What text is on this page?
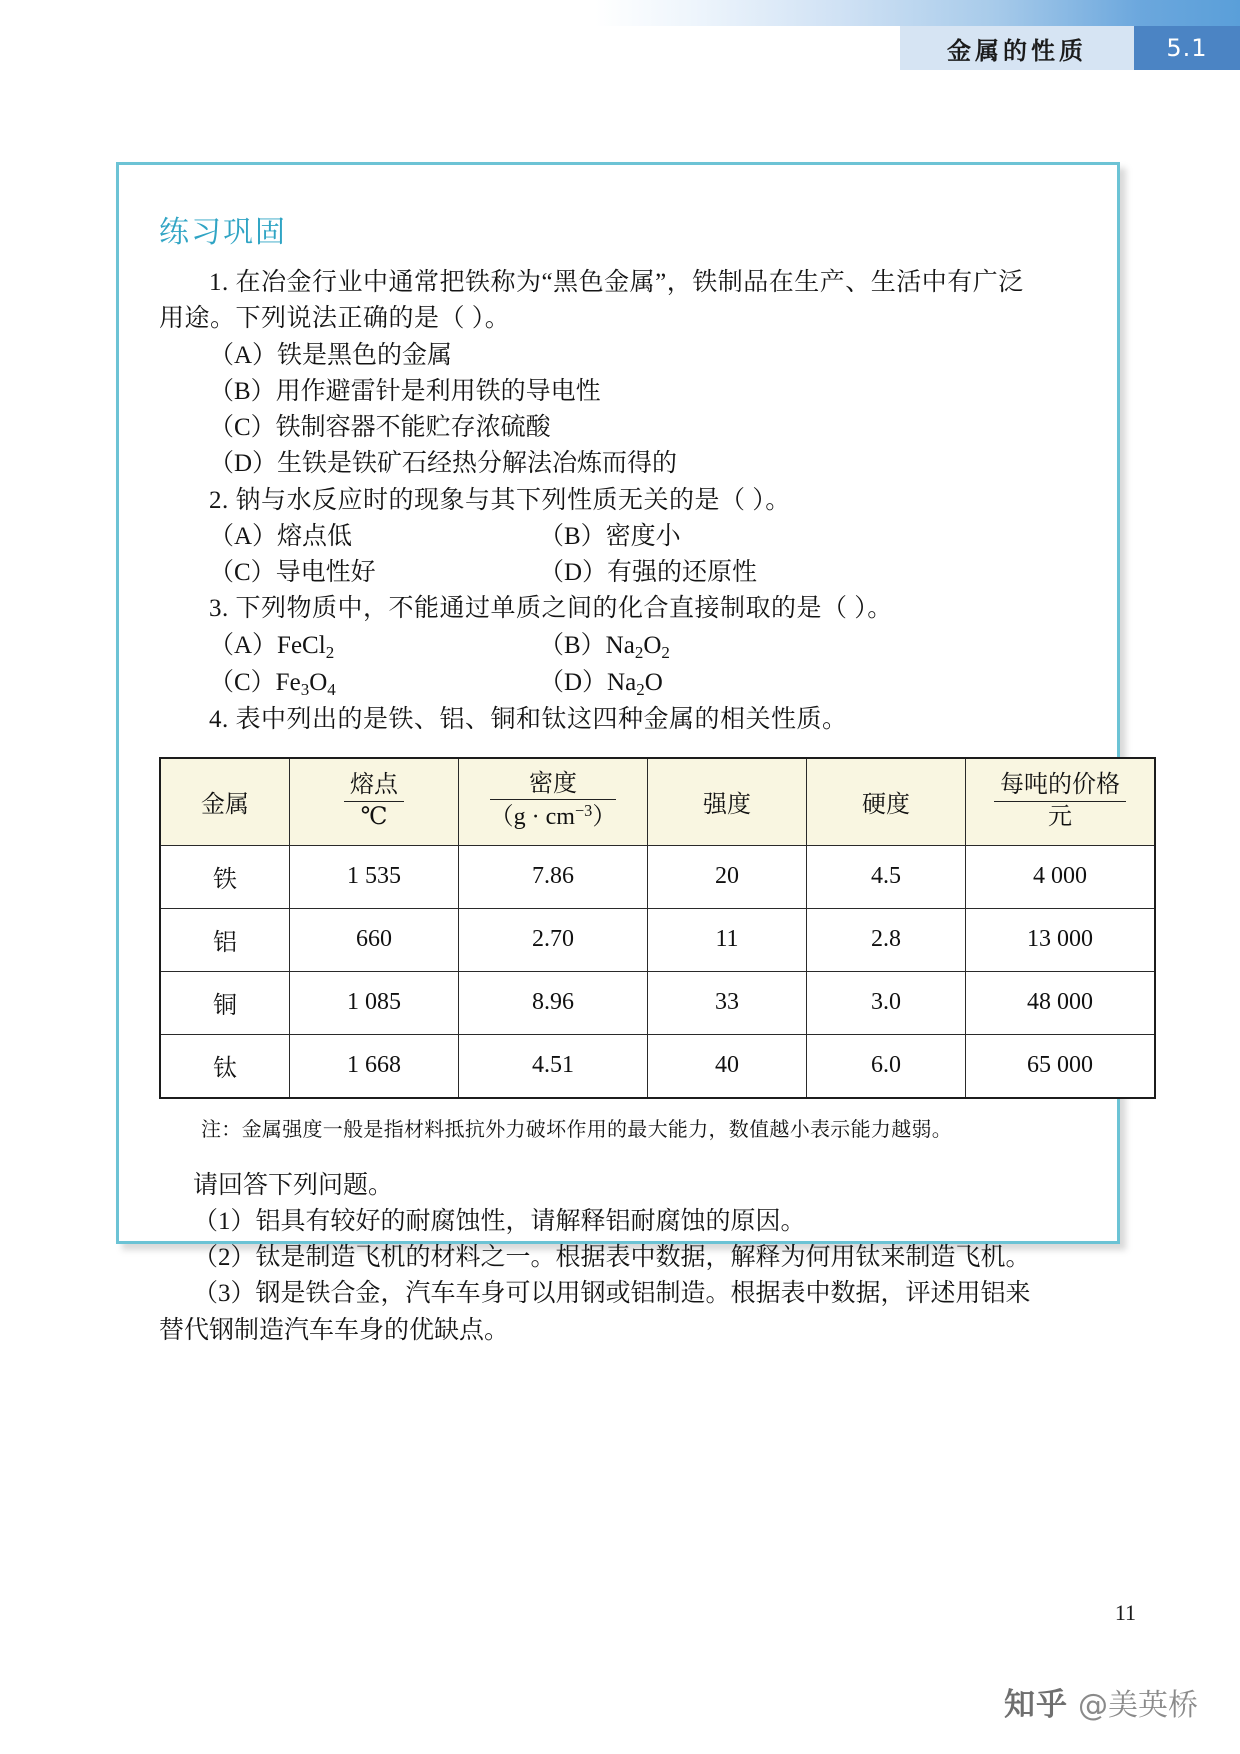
金属的性质	5.1
练习巩固

1. 在冶金行业中通常把铁称为“黑色金属”，铁制品在生产、生活中有广泛

用途。下列说法正确的是（ ）。

（A）铁是黑色的金属

（B）用作避雷针是利用铁的导电性

（C）铁制容器不能贮存浓硫酸

（D）生铁是铁矿石经热分解法冶炼而得的

2. 钠与水反应时的现象与其下列性质无关的是（ ）。

（A）熔点低	（B）密度小
（C）导电性好	（D）有强的还原性

3. 下列物质中，不能通过单质之间的化合直接制取的是（ ）。

（A）FeCl$_2$	$(B)Na_2O_2$
$(C)Fe_3O_4$	$(D)Na_2O$

4. 表中列出的是铁、铝、铜和钛这四种金属的相关性质。

金属	$\frac{\text{熔点}}{℃}$	$\frac{\text{密度}}{(g \cdot cm^{-3})}$	强度	硬度	$\frac{\text{每吨的价格}}{\text{元}}$

铁	1 535	7.86	20	4.5	4 000
铝	660	2.70	11	2.8	13 000
铜	1 085	8.96	33	3.0	48 000
钛	1 668	4.51	40	6.0	65 000

注：金属强度一般是指材料抵抗外力破坏作用的最大能力，数值越小表示能力越弱。

请回答下列问题。

（1）铝具有较好的耐腐蚀性，请解释铝耐腐蚀的原因。

（2）钛是制造飞机的材料之一。根据表中数据，解释为何用钛来制造飞机。

（3）钢是铁合金，汽车车身可以用钢或铝制造。根据表中数据，评述用铝来

替代钢制造汽车车身的优缺点。

11
知乎 @美英桥
